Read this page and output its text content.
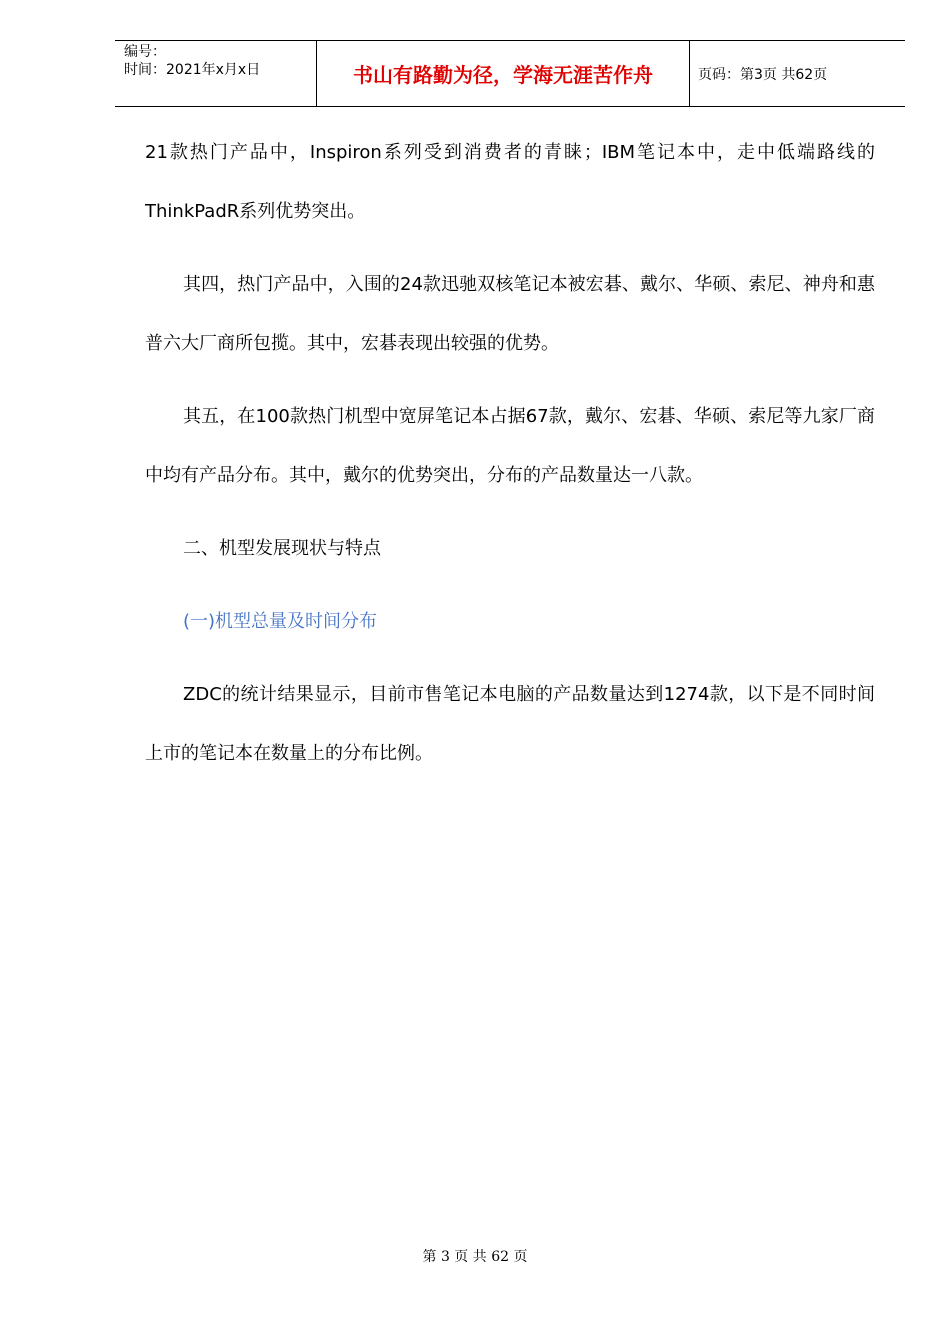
编号：
时间：2021年x月x日	书山有路勤为径，学海无涯苦作舟	页码：第3页 共62页

21款热门产品中，Inspiron系列受到消费者的青睐；IBM笔记本中，走中低端路线的ThinkPadR系列优势突出。

其四，热门产品中，入围的24款迅驰双核笔记本被宏碁、戴尔、华硕、索尼、神舟和惠普六大厂商所包揽。其中，宏碁表现出较强的优势。

其五，在100款热门机型中宽屏笔记本占据67款，戴尔、宏碁、华硕、索尼等九家厂商中均有产品分布。其中，戴尔的优势突出，分布的产品数量达一八款。

二、机型发展现状与特点

(一)机型总量及时间分布

ZDC的统计结果显示，目前市售笔记本电脑的产品数量达到1274款，以下是不同时间上市的笔记本在数量上的分布比例。

第 3 页 共 62 页
